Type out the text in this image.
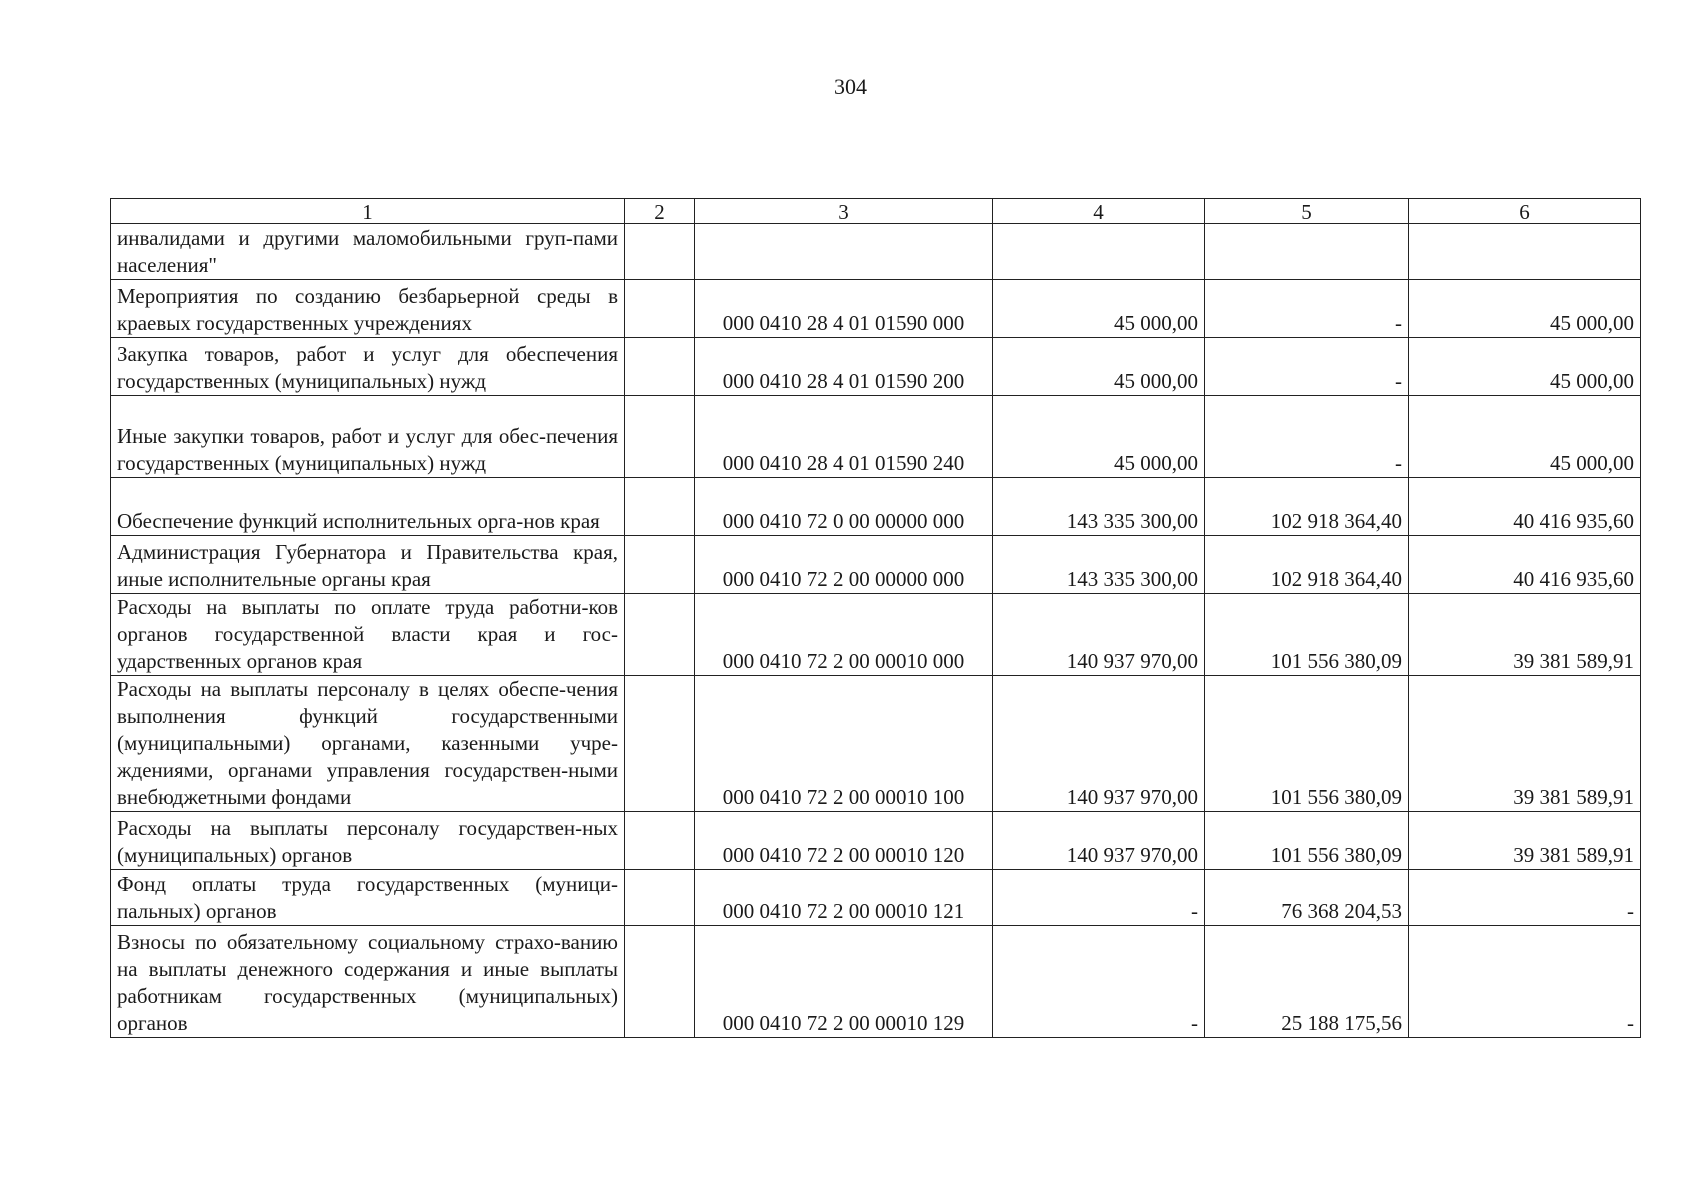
304
1	2	3	4	5	6
инвалидами и другими маломобильными груп-пами населения"					
Мероприятия по созданию безбарьерной среды в краевых государственных учреждениях		000 0410 28 4 01 01590 000	45 000,00	-	45 000,00
Закупка товаров, работ и услуг для обеспечения государственных (муниципальных) нужд		000 0410 28 4 01 01590 200	45 000,00	-	45 000,00
Иные закупки товаров, работ и услуг для обес-печения государственных (муниципальных) нужд		000 0410 28 4 01 01590 240	45 000,00	-	45 000,00
Обеспечение функций исполнительных орга-нов края		000 0410 72 0 00 00000 000	143 335 300,00	102 918 364,40	40 416 935,60
Администрация Губернатора и Правительства края, иные исполнительные органы края		000 0410 72 2 00 00000 000	143 335 300,00	102 918 364,40	40 416 935,60
Расходы на выплаты по оплате труда работни-ков органов государственной власти края и гос-ударственных органов края		000 0410 72 2 00 00010 000	140 937 970,00	101 556 380,09	39 381 589,91
Расходы на выплаты персоналу в целях обеспе-чения выполнения функций государственными (муниципальными) органами, казенными учре-ждениями, органами управления государствен-ными внебюджетными фондами		000 0410 72 2 00 00010 100	140 937 970,00	101 556 380,09	39 381 589,91
Расходы на выплаты персоналу государствен-ных (муниципальных) органов		000 0410 72 2 00 00010 120	140 937 970,00	101 556 380,09	39 381 589,91
Фонд оплаты труда государственных (муници-пальных) органов		000 0410 72 2 00 00010 121	-	76 368 204,53	-
Взносы по обязательному социальному страхо-ванию на выплаты денежного содержания и иные выплаты работникам государственных (муниципальных) органов		000 0410 72 2 00 00010 129	-	25 188 175,56	-
